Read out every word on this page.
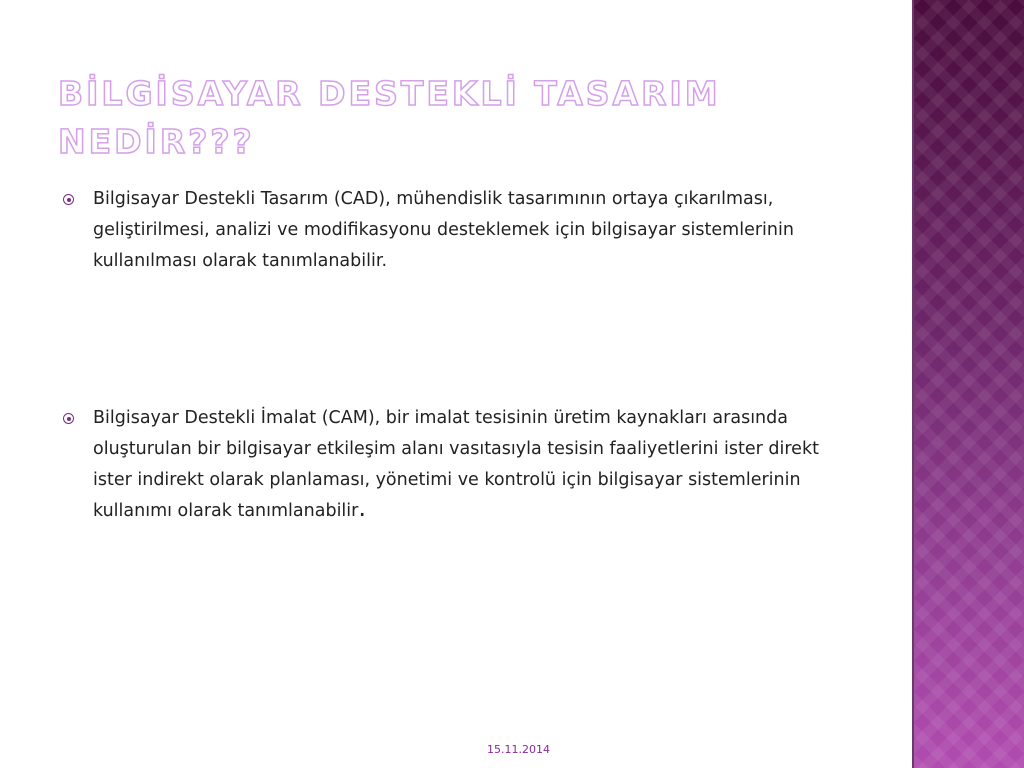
BİLGİSAYAR DESTEKLİ TASARIM NEDİR???
Bilgisayar Destekli Tasarım (CAD), mühendislik tasarımının ortaya çıkarılması, geliştirilmesi, analizi ve modifikasyonu desteklemek için bilgisayar sistemlerinin kullanılması olarak tanımlanabilir.
Bilgisayar Destekli İmalat (CAM), bir imalat tesisinin üretim kaynakları arasında oluşturulan bir bilgisayar etkileşim alanı vasıtasıyla tesisin faaliyetlerini ister direkt ister indirekt olarak planlaması, yönetimi ve kontrolü için bilgisayar sistemlerinin kullanımı olarak tanımlanabilir.
15.11.2014
